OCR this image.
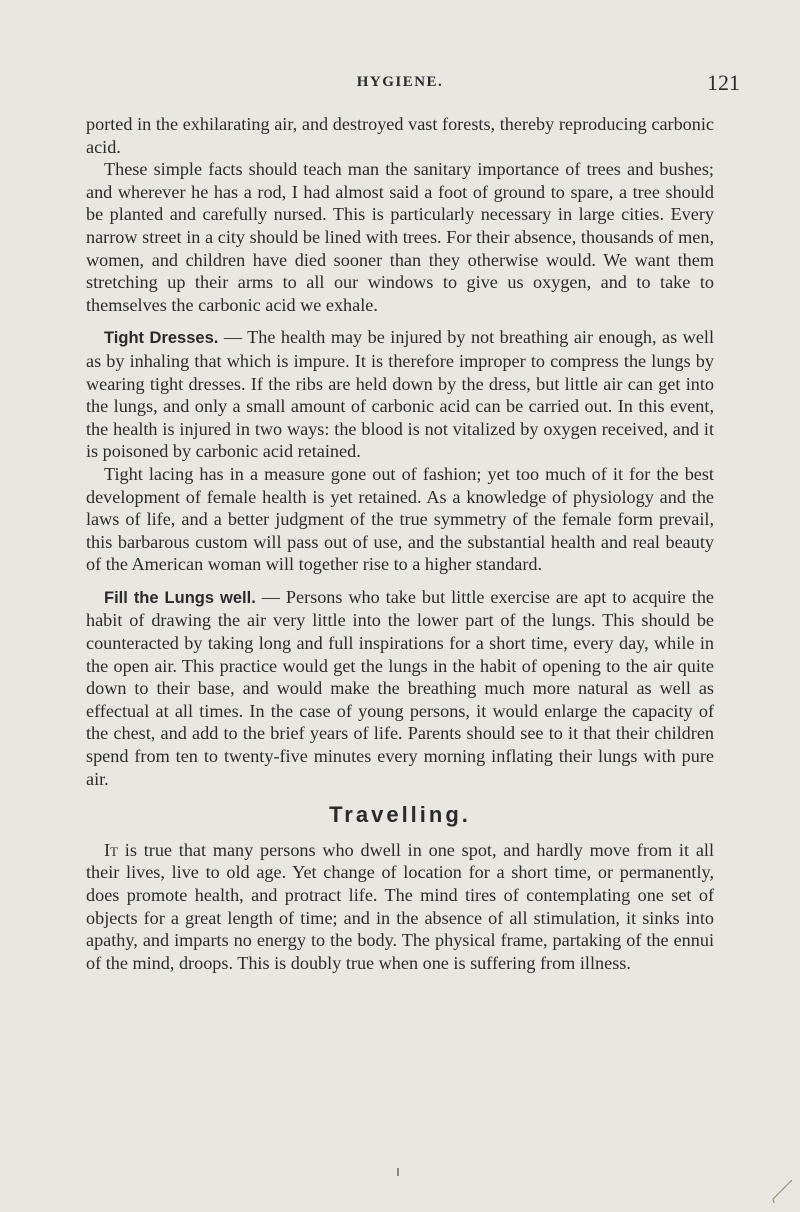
HYGIENE.	121

ported in the exhilarating air, and destroyed vast forests, thereby reproducing carbonic acid.

These simple facts should teach man the sanitary importance of trees and bushes; and wherever he has a rod, I had almost said a foot of ground to spare, a tree should be planted and carefully nursed. This is particularly necessary in large cities. Every narrow street in a city should be lined with trees. For their absence, thousands of men, women, and children have died sooner than they otherwise would. We want them stretching up their arms to all our windows to give us oxygen, and to take to themselves the carbonic acid we exhale.

Tight Dresses. — The health may be injured by not breathing air enough, as well as by inhaling that which is impure. It is therefore improper to compress the lungs by wearing tight dresses. If the ribs are held down by the dress, but little air can get into the lungs, and only a small amount of carbonic acid can be carried out. In this event, the health is injured in two ways: the blood is not vitalized by oxygen received, and it is poisoned by carbonic acid retained.

Tight lacing has in a measure gone out of fashion; yet too much of it for the best development of female health is yet retained. As a knowledge of physiology and the laws of life, and a better judgment of the true symmetry of the female form prevail, this barbarous custom will pass out of use, and the substantial health and real beauty of the American woman will together rise to a higher standard.

Fill the Lungs well. — Persons who take but little exercise are apt to acquire the habit of drawing the air very little into the lower part of the lungs. This should be counteracted by taking long and full inspirations for a short time, every day, while in the open air. This practice would get the lungs in the habit of opening to the air quite down to their base, and would make the breathing much more natural as well as effectual at all times. In the case of young persons, it would enlarge the capacity of the chest, and add to the brief years of life. Parents should see to it that their children spend from ten to twenty-five minutes every morning inflating their lungs with pure air.

Travelling.

It is true that many persons who dwell in one spot, and hardly move from it all their lives, live to old age. Yet change of location for a short time, or permanently, does promote health, and protract life. The mind tires of contemplating one set of objects for a great length of time; and in the absence of all stimulation, it sinks into apathy, and imparts no energy to the body. The physical frame, partaking of the ennui of the mind, droops. This is doubly true when one is suffering from illness.
